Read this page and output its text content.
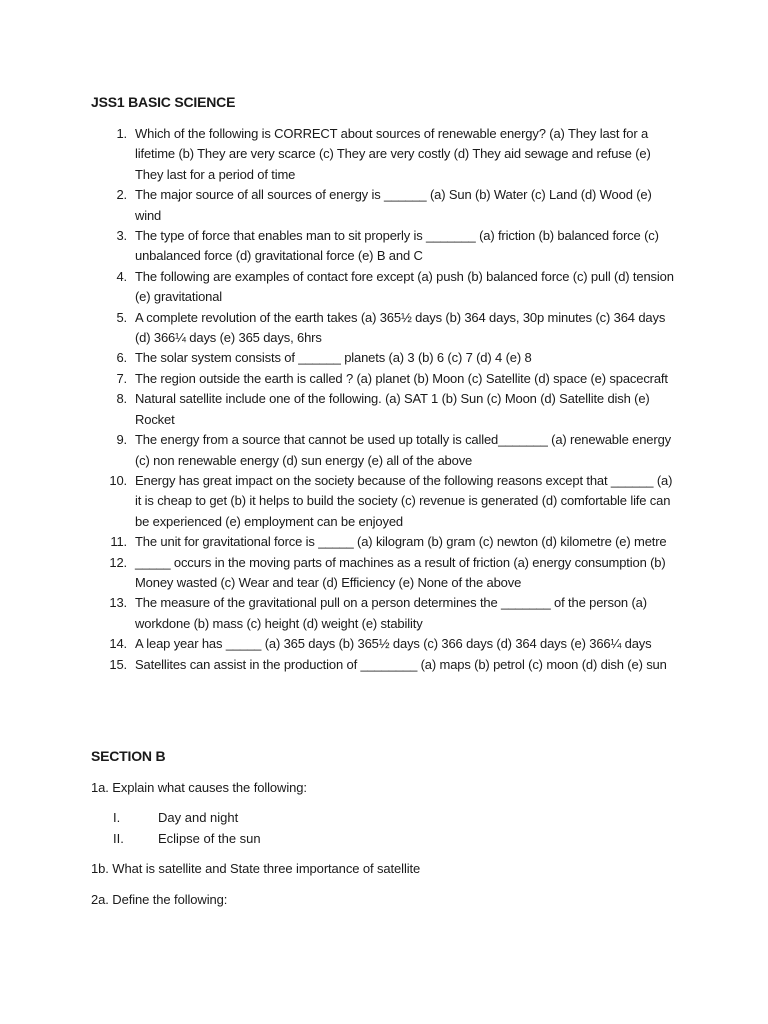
JSS1 BASIC SCIENCE
1. Which of the following is CORRECT about sources of renewable energy? (a) They last for a lifetime (b) They are very scarce (c) They are very costly (d) They aid sewage and refuse (e) They last for a period of time
2. The major source of all sources of energy is ______ (a) Sun (b) Water (c) Land (d) Wood (e) wind
3. The type of force that enables man to sit properly is _______ (a) friction (b) balanced force (c) unbalanced force (d) gravitational force (e) B and C
4. The following are examples of contact fore except (a) push (b) balanced force (c) pull (d) tension (e) gravitational
5. A complete revolution of the earth takes (a) 365½ days (b) 364 days, 30p minutes (c) 364 days (d) 366¼ days (e) 365 days, 6hrs
6. The solar system consists of ______ planets (a) 3 (b) 6 (c) 7 (d) 4 (e) 8
7. The region outside the earth is called ? (a) planet (b) Moon (c) Satellite (d) space (e) spacecraft
8. Natural satellite include one of the following. (a) SAT 1 (b) Sun (c) Moon (d) Satellite dish (e) Rocket
9. The energy from a source that cannot be used up totally is called_______ (a) renewable energy (c) non renewable energy (d) sun energy (e) all of the above
10. Energy has great impact on the society because of the following reasons except that ______ (a) it is cheap to get (b) it helps to build the society (c) revenue is generated (d) comfortable life can be experienced (e) employment can be enjoyed
11. The unit for gravitational force is _____ (a) kilogram (b) gram (c) newton (d) kilometre (e) metre
12. _____ occurs in the moving parts of machines as a result of friction (a) energy consumption (b) Money wasted (c) Wear and tear (d) Efficiency (e) None of the above
13. The measure of the gravitational pull on a person determines the _______ of the person (a) workdone (b) mass (c) height (d) weight (e) stability
14. A leap year has _____ (a) 365 days (b) 365½ days (c) 366 days (d) 364 days (e) 366¼ days
15. Satellites can assist in the production of ________ (a) maps (b) petrol (c) moon (d) dish (e) sun
SECTION B
1a. Explain what causes the following:
I.	Day and night
II.	Eclipse of the sun
1b. What is satellite and State three importance of satellite
2a. Define the following:
